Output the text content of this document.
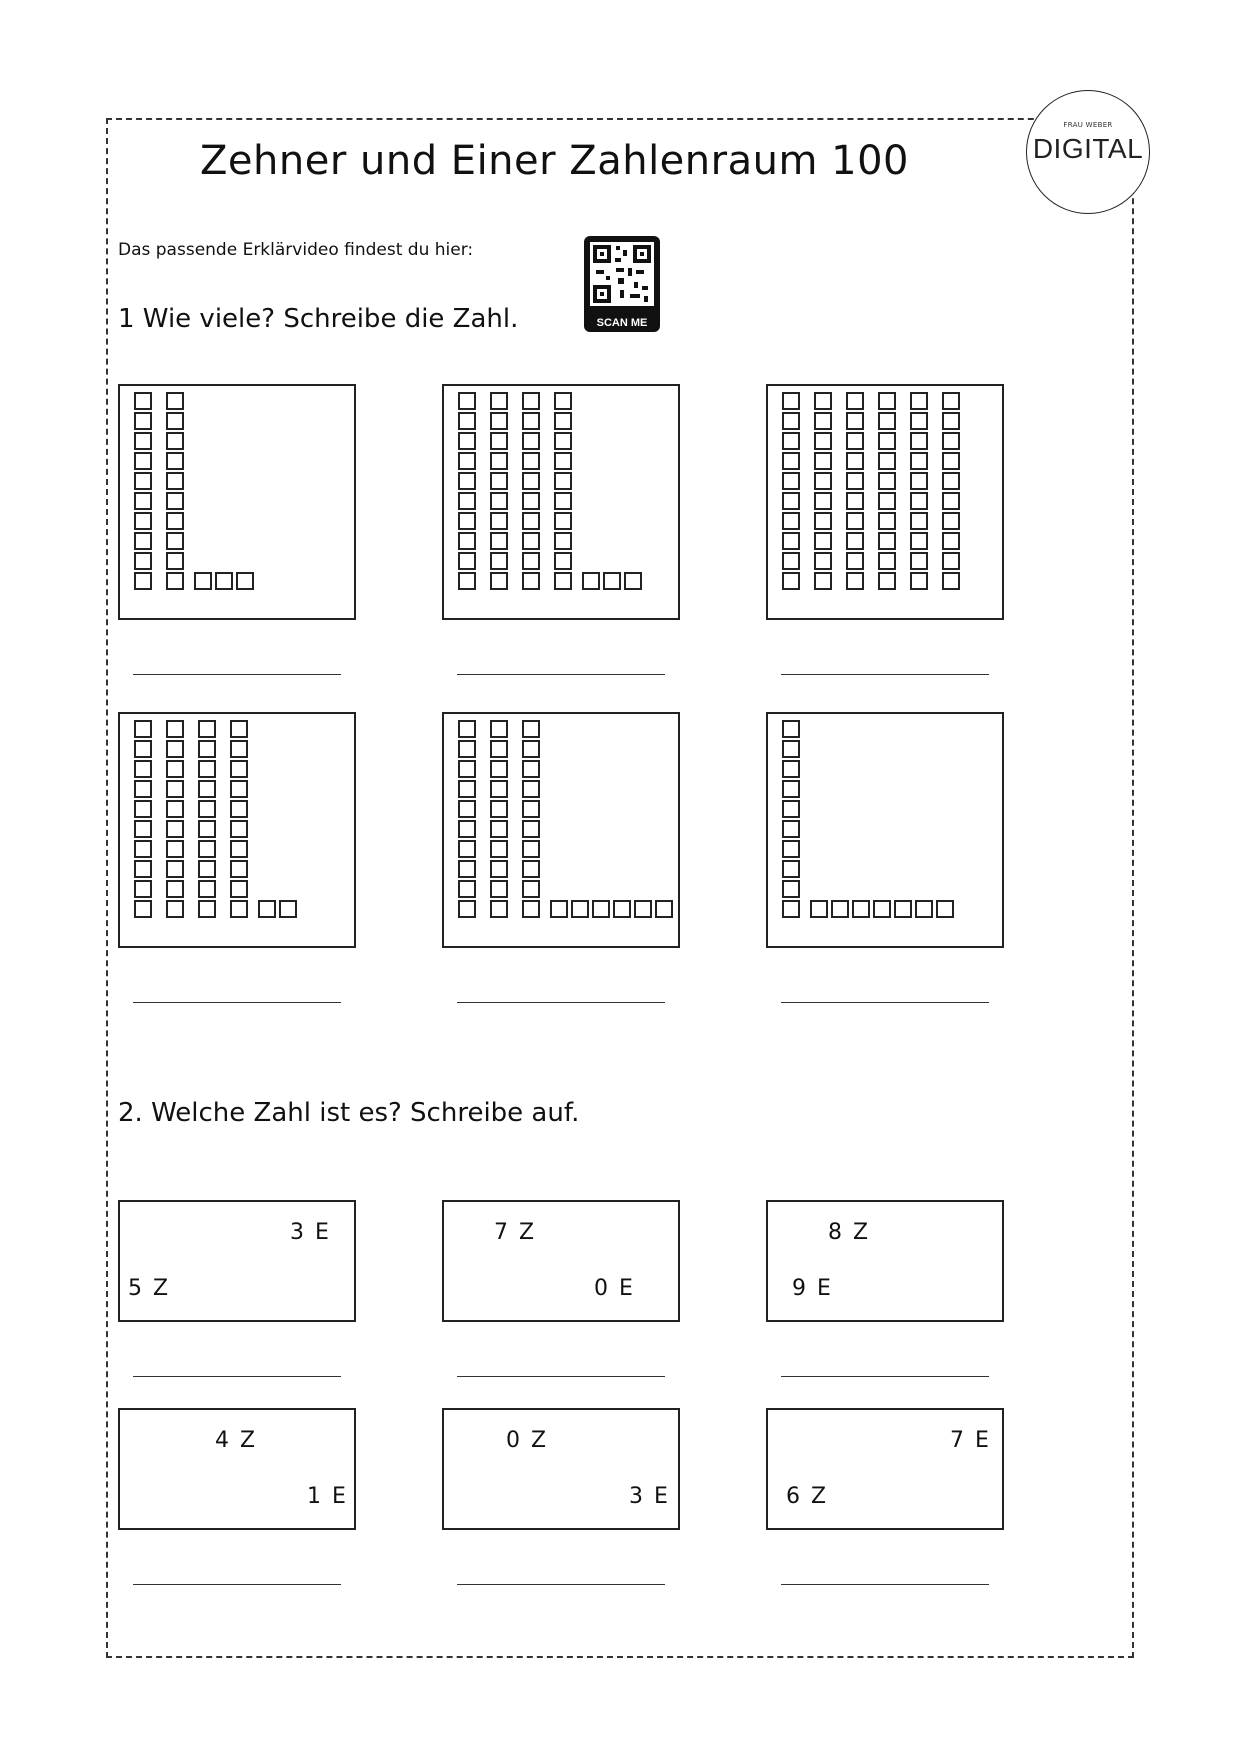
FRAU WEBER
DIGITAL
Zehner und Einer Zahlenraum 100
Das passende Erklärvideo findest du hier:
SCAN ME
1 Wie viele? Schreibe die Zahl.
2. Welche Zahl ist es? Schreibe auf.
3 E
5 Z
7 Z
0 E
8 Z
9 E
4 Z
1 E
0 Z
3 E
7 E
6 Z
